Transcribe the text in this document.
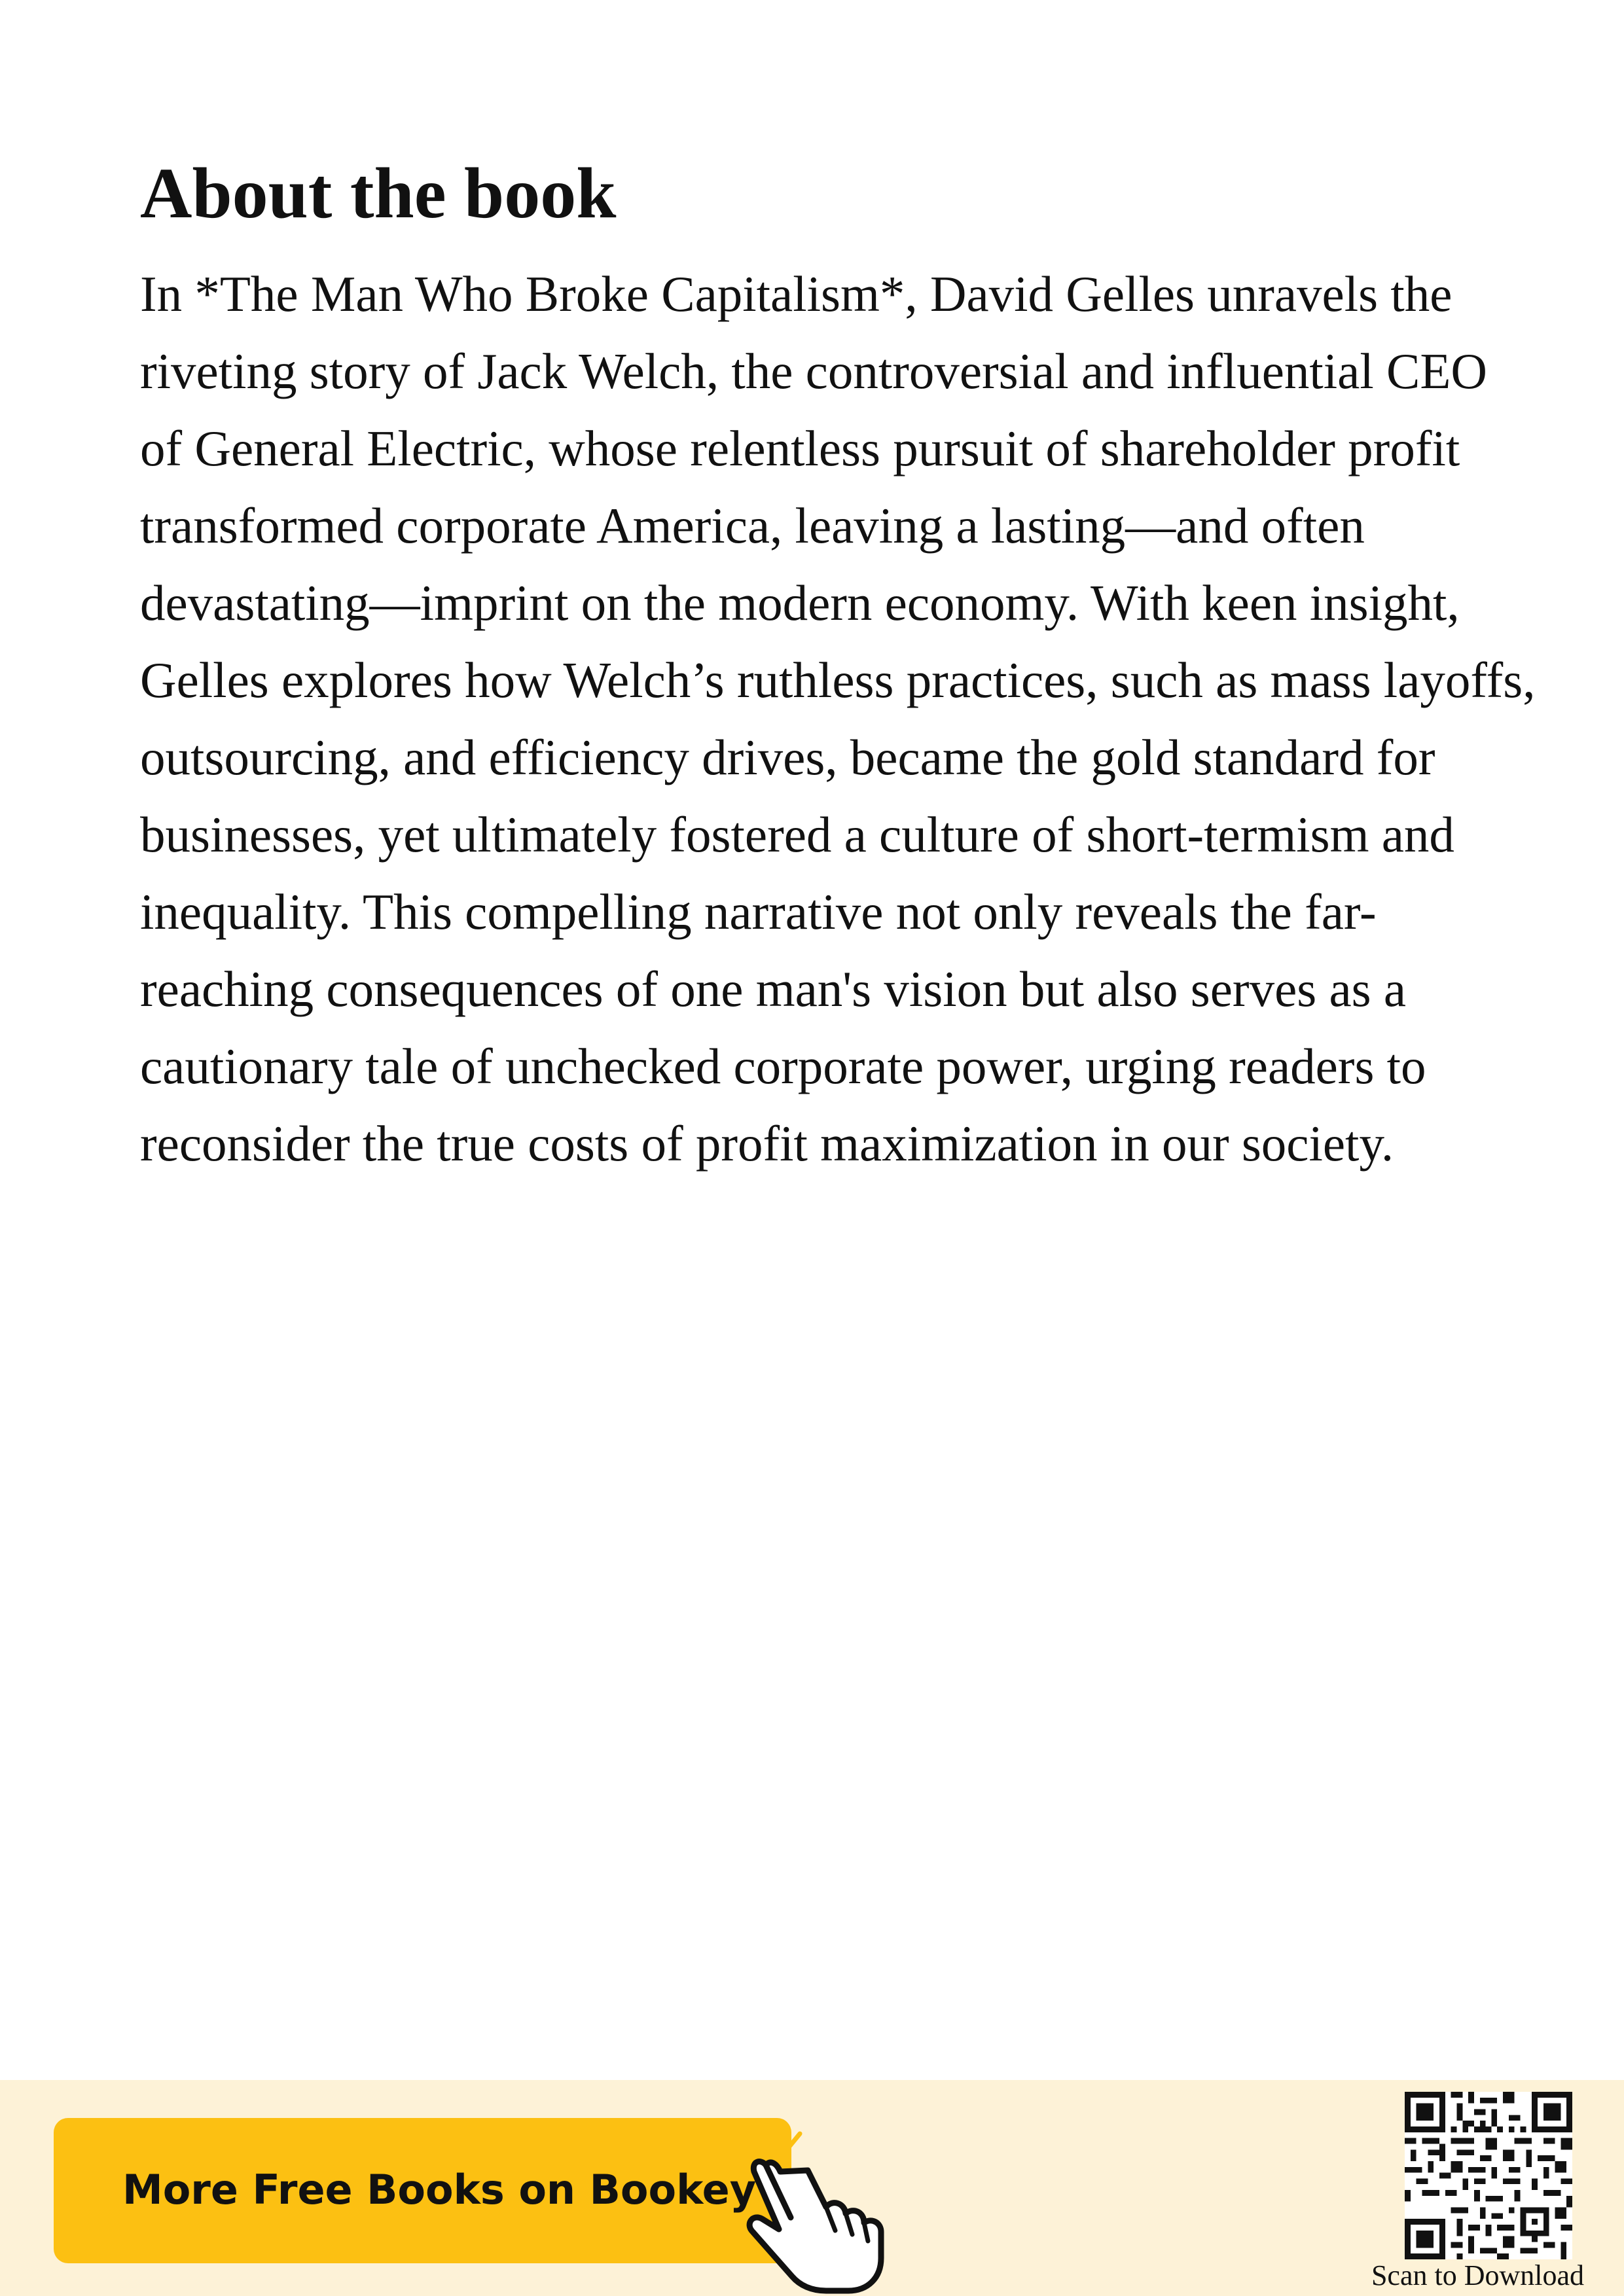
About the book

In *The Man Who Broke Capitalism*, David Gelles unravels the riveting story of Jack Welch, the controversial and influential CEO of General Electric, whose relentless pursuit of shareholder profit transformed corporate America, leaving a lasting—and often devastating—imprint on the modern economy. With keen insight, Gelles explores how Welch’s ruthless practices, such as mass layoffs, outsourcing, and efficiency drives, became the gold standard for businesses, yet ultimately fostered a culture of short-termism and inequality. This compelling narrative not only reveals the far-reaching consequences of one man's vision but also serves as a cautionary tale of unchecked corporate power, urging readers to reconsider the true costs of profit maximization in our society.

More Free Books on Bookey
Scan to Download
